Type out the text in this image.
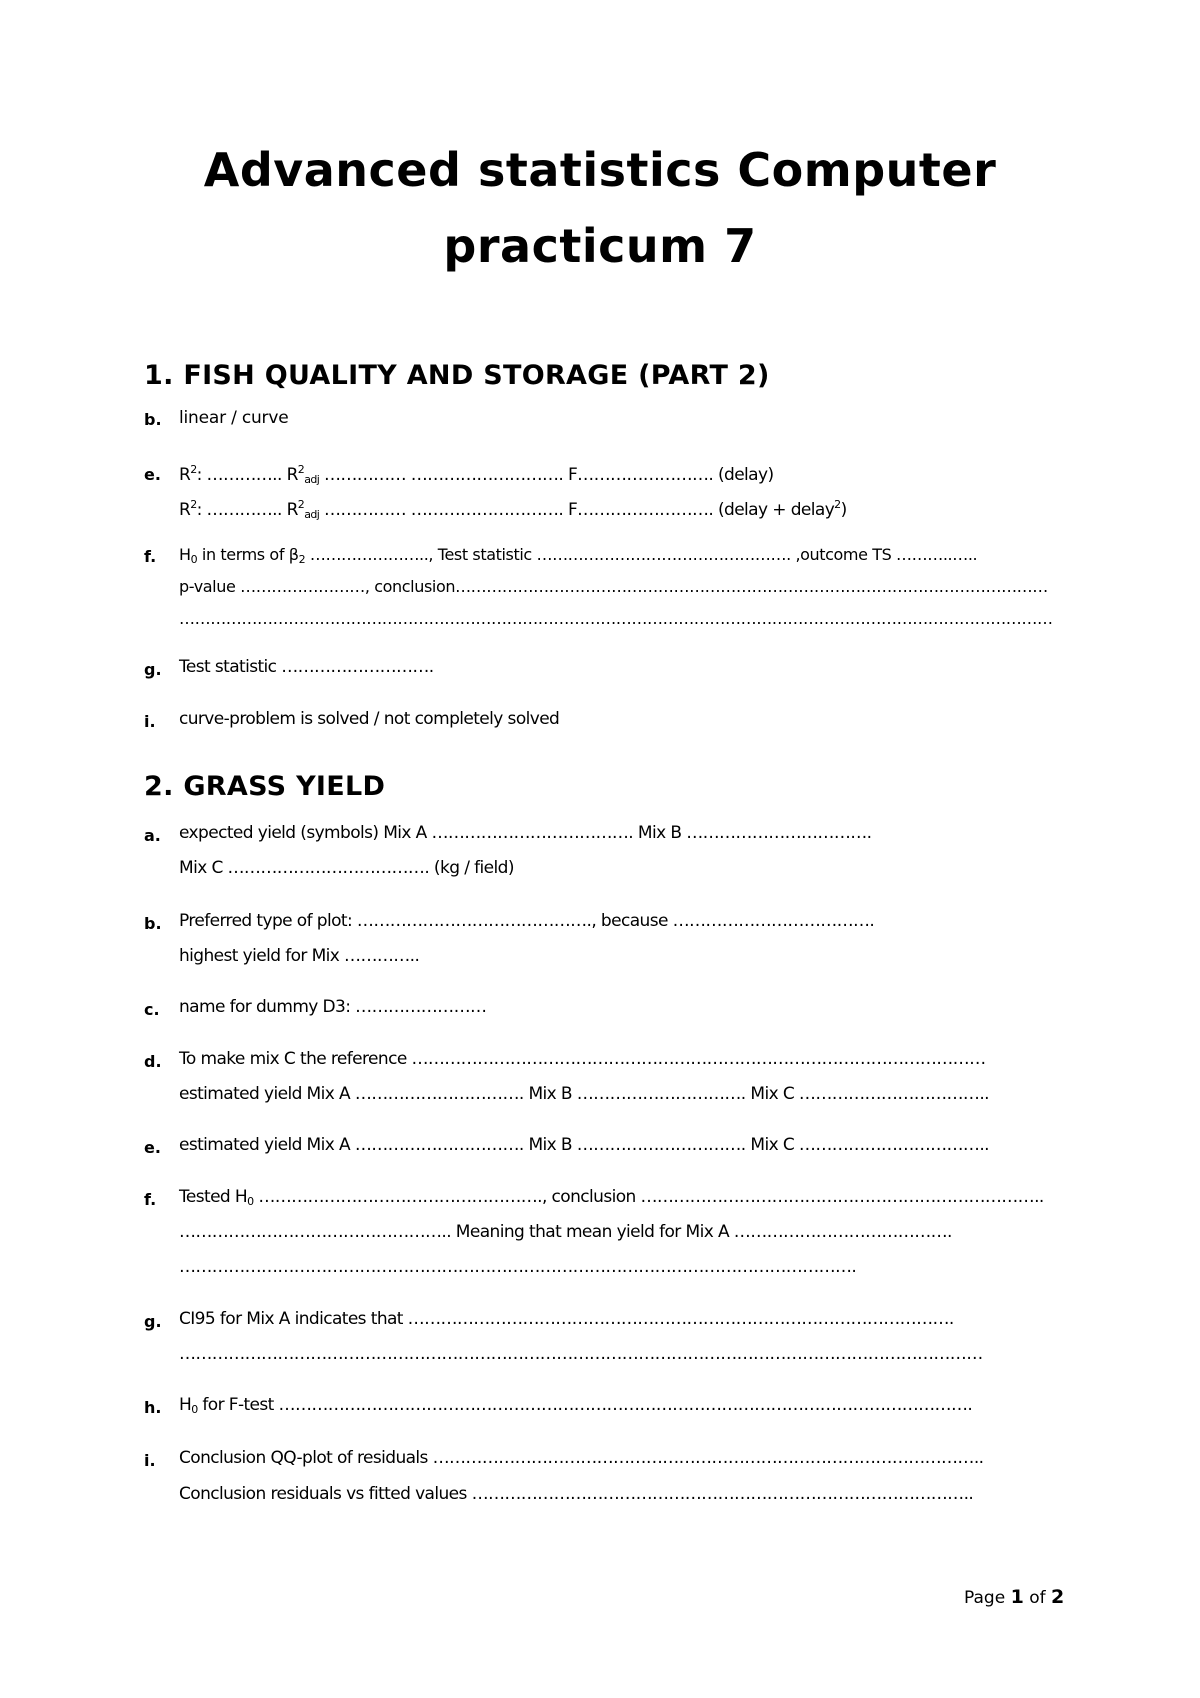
Advanced statistics Computer
practicum 7
1. FISH QUALITY AND STORAGE (PART 2)
b.	linear / curve
e.	$R^2$: ………….. $R^2_{adj}$ …………… ………………………. F……………………. (delay)
$R^2$: ………….. $R^2_{adj}$ …………… ………………………. F……………………. (delay + delay$^2$)
f.	$H_0$ in terms of $\beta_2$ ………………….., Test statistic …………………………………………. ,outcome TS ………..…..
p-value ……………………, conclusion……………………………………………………………………………………………………
……………………………………………………………………………………………………………………………………………………
g.	Test statistic ……………………….
i.	curve-problem is solved / not completely solved
2. GRASS YIELD
a.	expected yield (symbols) Mix A ………………………………. Mix B …………………………….
Mix C ………………………………. (kg / field)
b.	Preferred type of plot: ……………………………………., because ……………………………….
highest yield for Mix …………..
c.	name for dummy D3: ……………………
d.	To make mix C the reference ……………………………………………………………………………………………
estimated yield Mix A …………………………. Mix B …………………………. Mix C ……………………………..
e.	estimated yield Mix A …………………………. Mix B …………………………. Mix C ……………………………..
f.	Tested $H_0$ ……………………………………………., conclusion ………………………………………………………………..
………………………………………….. Meaning that mean yield for Mix A ………………………………….
…………………………………………………………………………………………………………….
g.	CI95 for Mix A indicates that ……………………………………………………………………………………….
…………………………………………………………………………………………………………………………………
h.	$H_0$ for F-test ……………………………………………………………………………………………………………….
i.	Conclusion QQ-plot of residuals ………………………………………………………………………………………..
Conclusion residuals vs fitted values ………………………………………………………………………………..
Page 1 of 2
